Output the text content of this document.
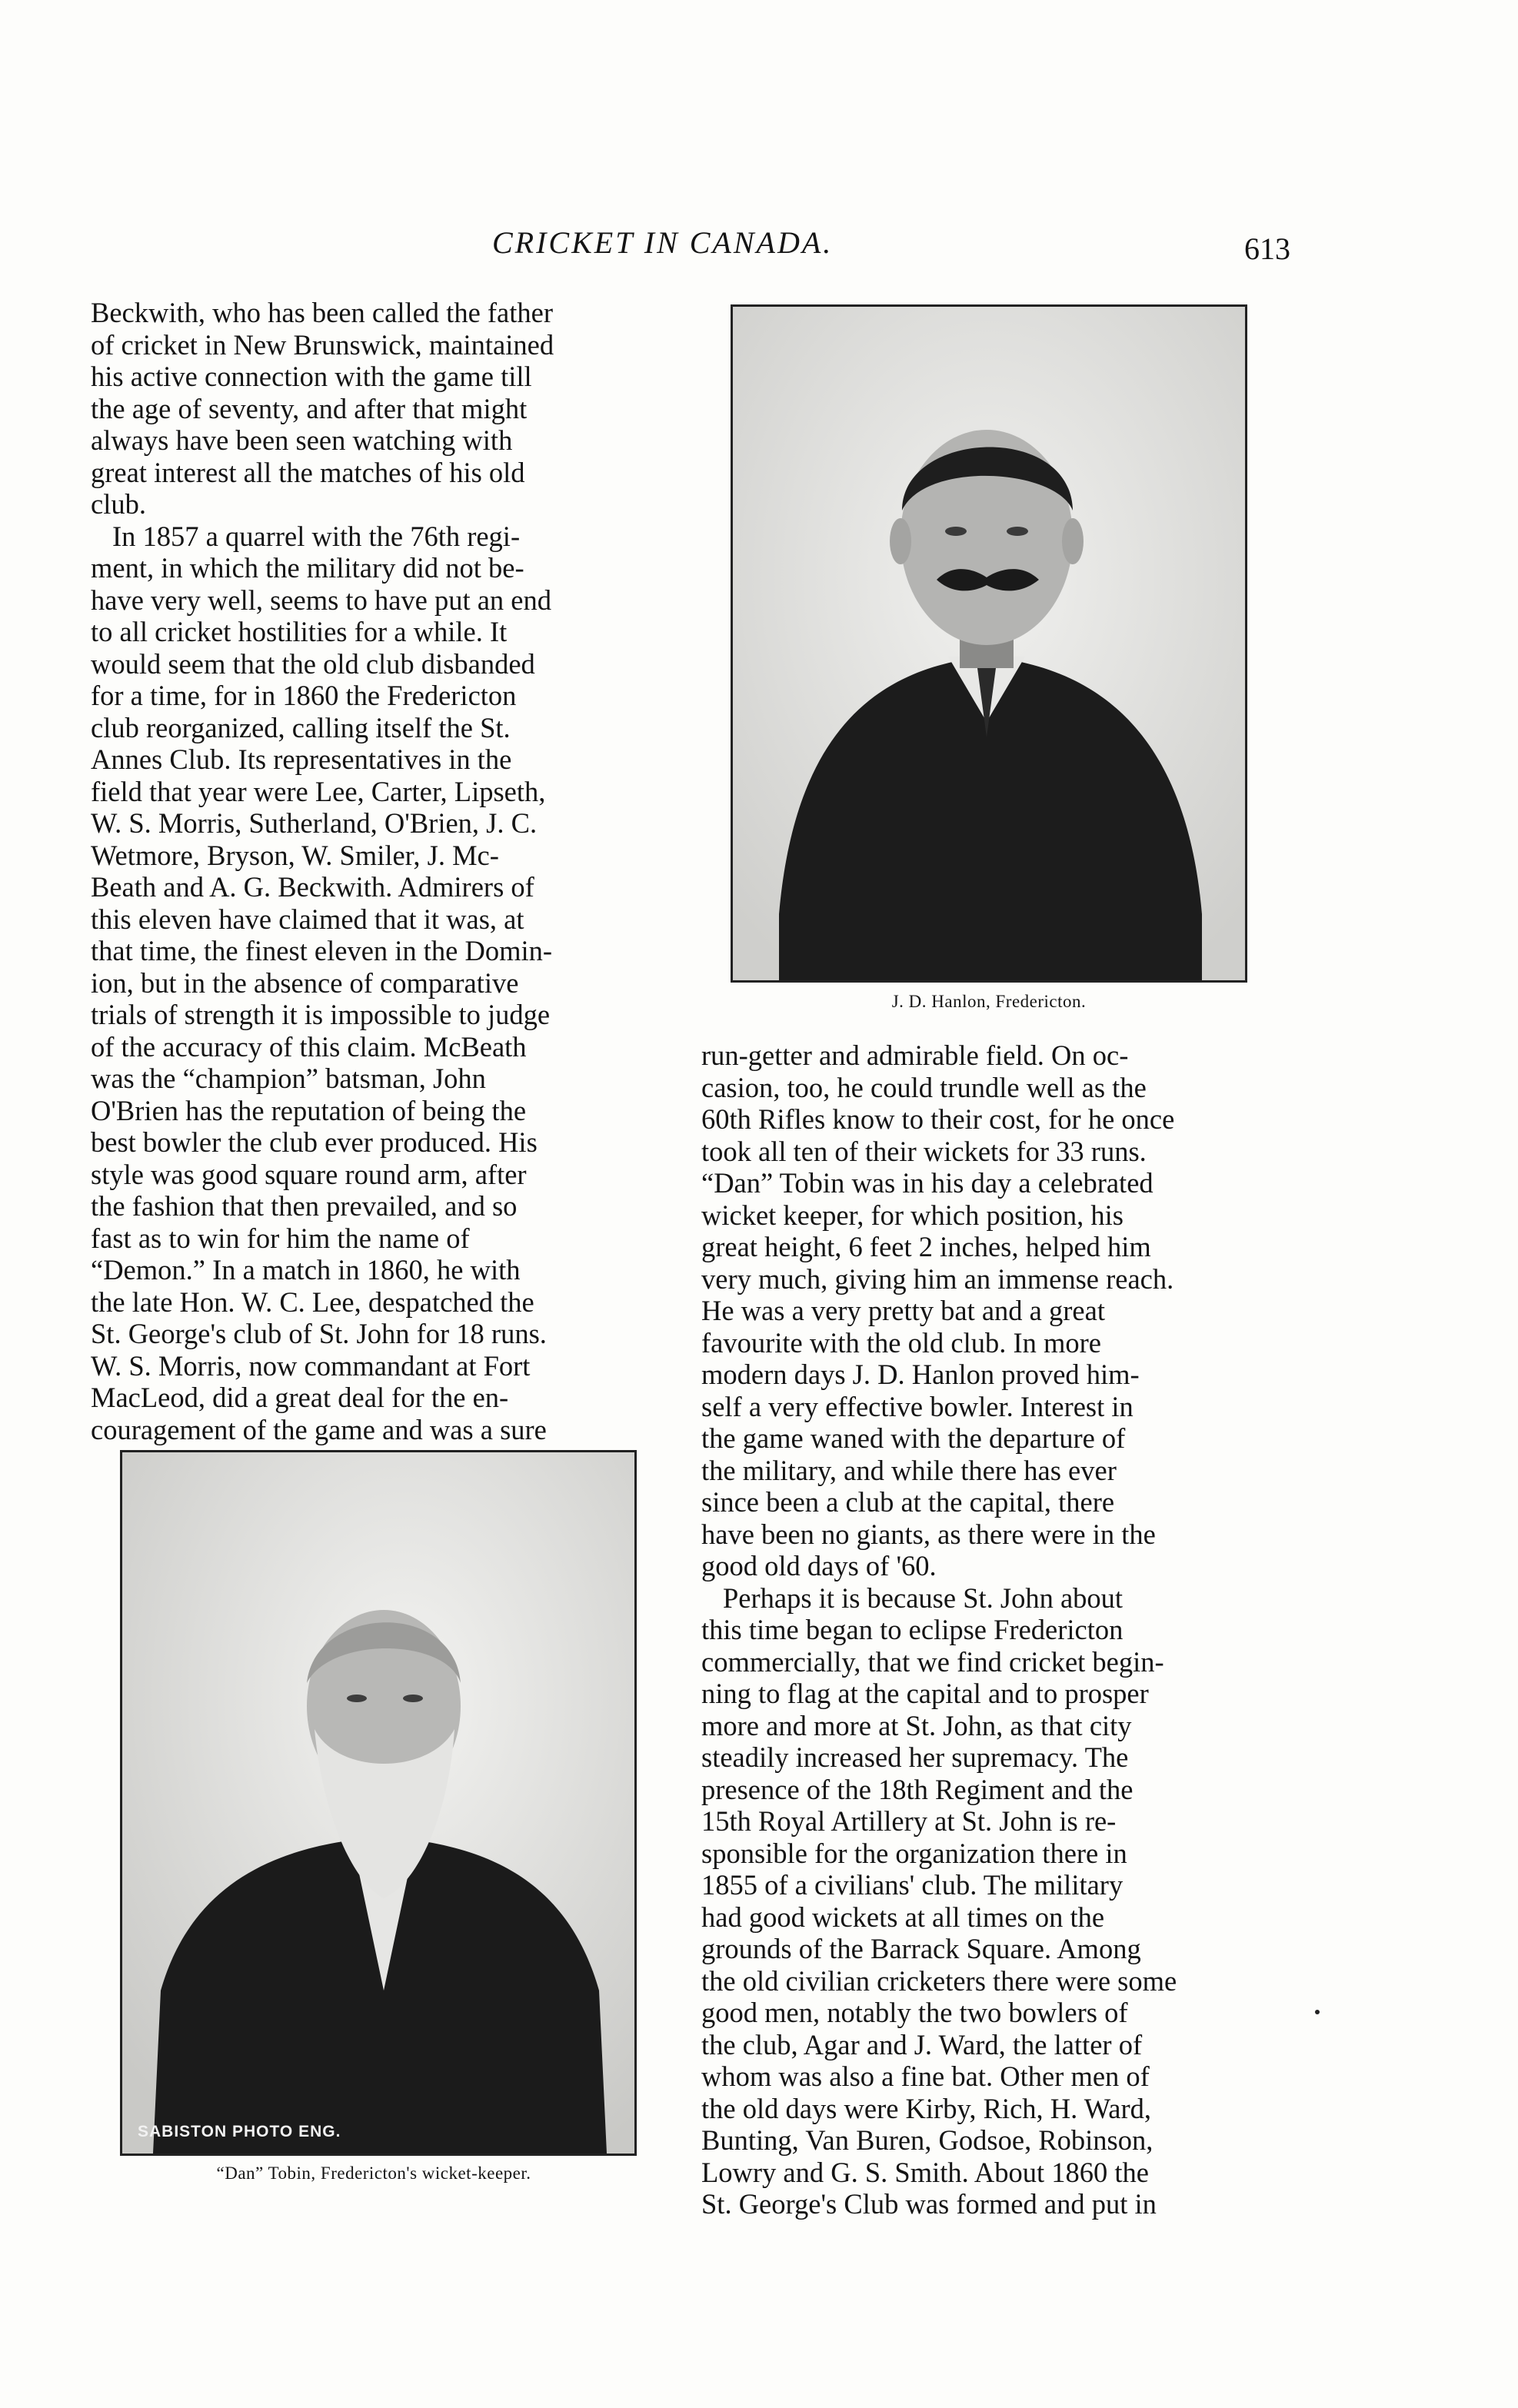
CRICKET IN CANADA.	613

Beckwith, who has been called the father
of cricket in New Brunswick, maintained
his active connection with the game till
the age of seventy, and after that might
always have been seen watching with
great interest all the matches of his old
club.

In 1857 a quarrel with the 76th regi-
ment, in which the military did not be-
have very well, seems to have put an end
to all cricket hostilities for a while. It
would seem that the old club disbanded
for a time, for in 1860 the Fredericton
club reorganized, calling itself the St.
Annes Club. Its representatives in the
field that year were Lee, Carter, Lipseth,
W. S. Morris, Sutherland, O'Brien, J. C.
Wetmore, Bryson, W. Smiler, J. Mc-
Beath and A. G. Beckwith. Admirers of
this eleven have claimed that it was, at
that time, the finest eleven in the Domin-
ion, but in the absence of comparative
trials of strength it is impossible to judge
of the accuracy of this claim. McBeath
was the “champion” batsman, John
O'Brien has the reputation of being the
best bowler the club ever produced. His
style was good square round arm, after
the fashion that then prevailed, and so
fast as to win for him the name of
“Demon.” In a match in 1860, he with
the late Hon. W. C. Lee, despatched the
St. George's club of St. John for 18 runs.
W. S. Morris, now commandant at Fort
MacLeod, did a great deal for the en-
couragement of the game and was a sure

J. D. Hanlon, Fredericton.

run-getter and admirable field. On oc-
casion, too, he could trundle well as the
60th Rifles know to their cost, for he once
took all ten of their wickets for 33 runs.
“Dan” Tobin was in his day a celebrated
wicket keeper, for which position, his
great height, 6 feet 2 inches, helped him
very much, giving him an immense reach.
He was a very pretty bat and a great
favourite with the old club. In more
modern days J. D. Hanlon proved him-
self a very effective bowler. Interest in
the game waned with the departure of
the military, and while there has ever
since been a club at the capital, there
have been no giants, as there were in the
good old days of '60.

Perhaps it is because St. John about
this time began to eclipse Fredericton
commercially, that we find cricket begin-
ning to flag at the capital and to prosper
more and more at St. John, as that city
steadily increased her supremacy. The
presence of the 18th Regiment and the
15th Royal Artillery at St. John is re-
sponsible for the organization there in
1855 of a civilians' club. The military
had good wickets at all times on the
grounds of the Barrack Square. Among
the old civilian cricketers there were some
good men, notably the two bowlers of
the club, Agar and J. Ward, the latter of
whom was also a fine bat. Other men of
the old days were Kirby, Rich, H. Ward,
Bunting, Van Buren, Godsoe, Robinson,
Lowry and G. S. Smith. About 1860 the
St. George's Club was formed and put in

SABISTON PHOTO ENG.
“Dan” Tobin, Fredericton's wicket-keeper.
